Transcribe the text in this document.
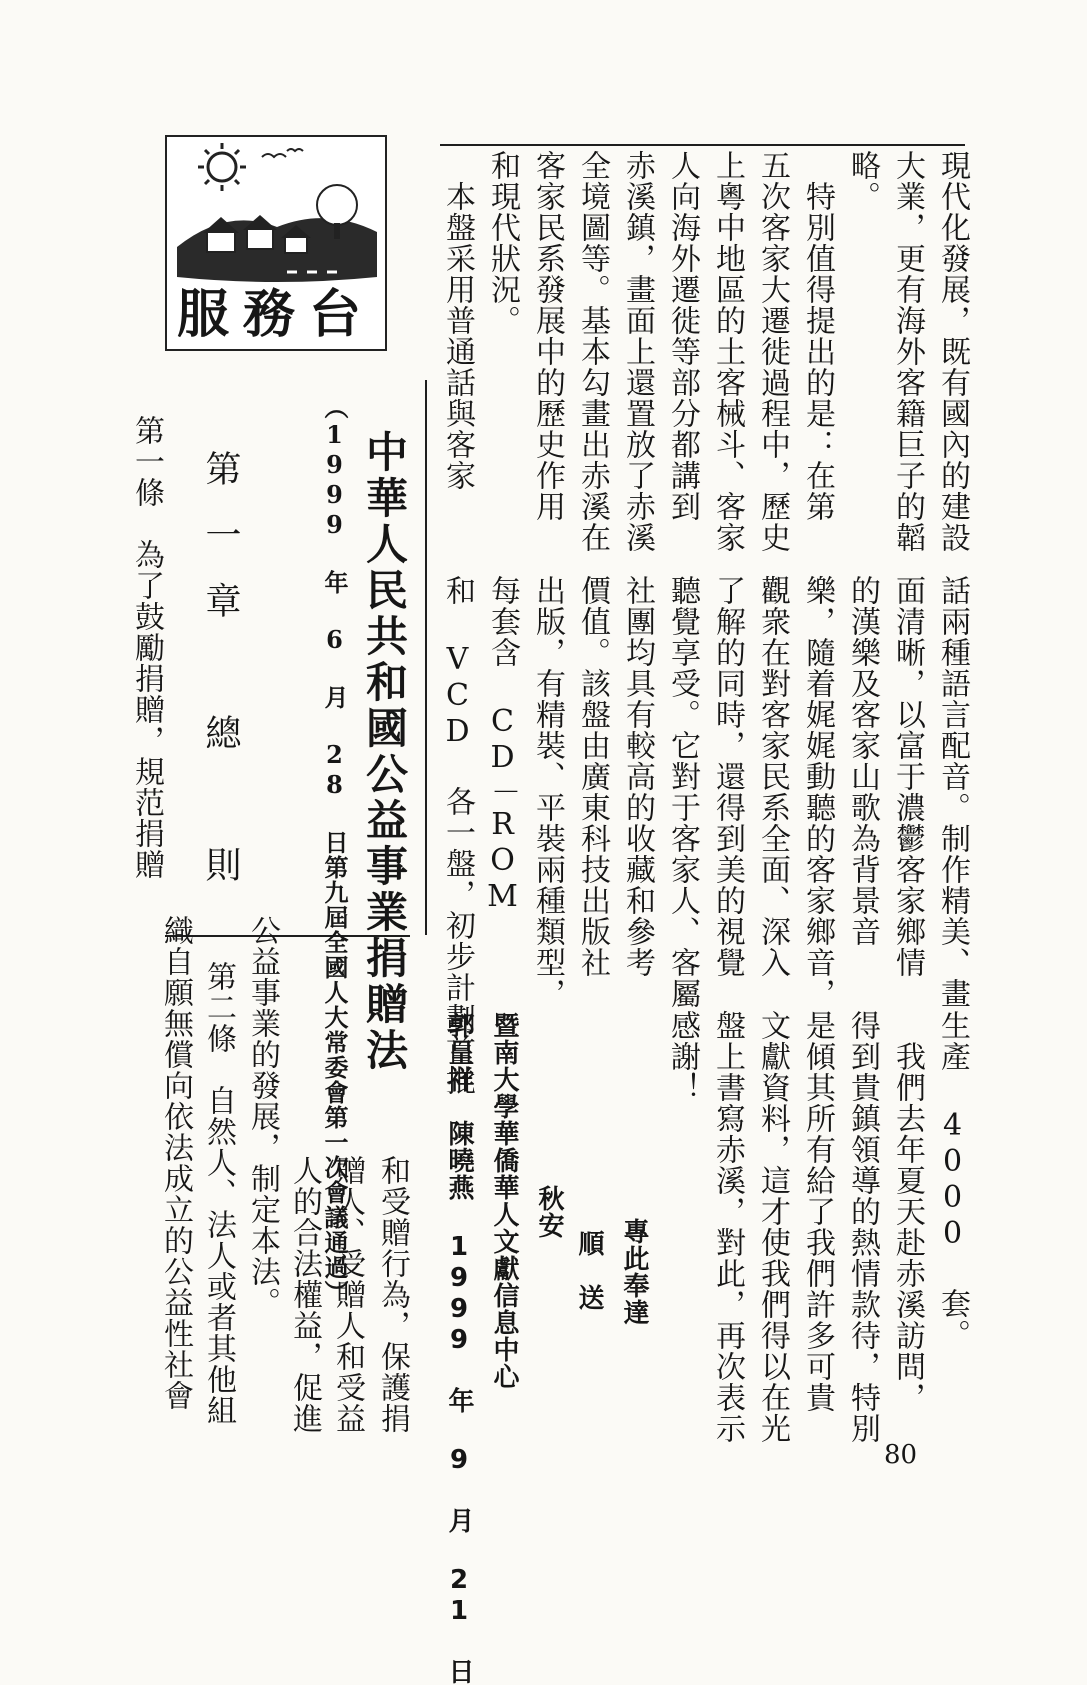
服務台	現代化發展，既有國內的建設
大業，更有海外客籍巨子的韜
略。
　特別值得提出的是：在第
五次客家大遷徙過程中，歷史
上粵中地區的土客械斗、客家
人向海外遷徙等部分都講到
赤溪鎮，畫面上還置放了赤溪
全境圖等。基本勾畫出赤溪在
客家民系發展中的歷史作用
和現代狀況。
　本盤采用普通話與客家
話兩種語言配音。制作精美、畫
面清晰，以富于濃鬱客家鄉情
的漢樂及客家山歌為背景音
樂，隨着娓娓動聽的客家鄉音，
觀衆在對客家民系全面、深入
了解的同時，還得到美的視覺
聽覺享受。它對于客家人、客屬
社團均具有較高的收藏和參考
價值。該盤由廣東科技出版社
出版，有精裝、平裝兩種類型，
每套含 CD－ROM
和 VCD 各一盤，初步計劃首批
生產 4000 套。
　我們去年夏天赴赤溪訪問，
得到貴鎮領導的熱情款待，特別
是傾其所有給了我們許多可貴
文獻資料，這才使我們得以在光
盤上書寫赤溪，對此，再次表示
感謝！
專此奉達
順　送
秋安
暨南大學華僑華人文獻信息中心
郭呈祥　陳曉燕 1999 年 9 月 21 日
中華人民共和國公益事業捐贈法
（1999 年 6 月 28 日第九屆全國人大常委會第一次會議通過）
第一章　總　則
第一條　為了鼓勵捐贈，規范捐贈
和受贈行為，保護捐
贈人、受贈人和受益
人的合法權益，促進
公益事業的發展，制定本法。
　第二條　自然人、法人或者其他組
織自願無償向依法成立的公益性社會
80
